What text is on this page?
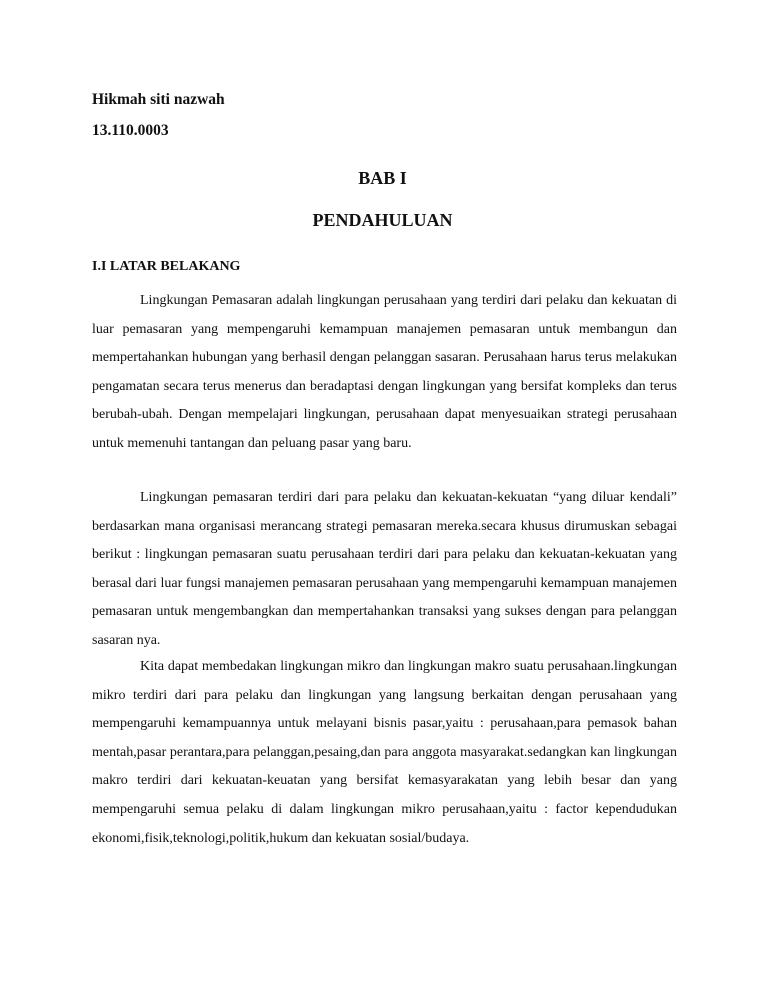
Hikmah siti nazwah
13.110.0003
BAB I
PENDAHULUAN
I.I LATAR BELAKANG

Lingkungan Pemasaran adalah lingkungan perusahaan yang terdiri dari pelaku dan kekuatan di luar pemasaran yang mempengaruhi kemampuan manajemen pemasaran untuk membangun dan mempertahankan hubungan yang berhasil dengan pelanggan sasaran. Perusahaan harus terus melakukan pengamatan secara terus menerus dan beradaptasi dengan lingkungan yang bersifat kompleks dan terus berubah-ubah. Dengan mempelajari lingkungan, perusahaan dapat menyesuaikan strategi perusahaan untuk memenuhi tantangan dan peluang pasar yang baru.

Lingkungan pemasaran terdiri dari para pelaku dan kekuatan-kekuatan “yang diluar kendali” berdasarkan mana organisasi merancang strategi pemasaran mereka.secara khusus dirumuskan sebagai berikut : lingkungan pemasaran suatu perusahaan terdiri dari para pelaku dan kekuatan-kekuatan yang berasal dari luar fungsi manajemen pemasaran perusahaan yang mempengaruhi kemampuan manajemen pemasaran untuk mengembangkan dan mempertahankan transaksi yang sukses dengan para pelanggan sasaran nya.

Kita dapat membedakan lingkungan mikro dan lingkungan makro suatu perusahaan.lingkungan mikro terdiri dari para pelaku dan lingkungan yang langsung berkaitan dengan perusahaan yang mempengaruhi kemampuannya untuk melayani bisnis pasar,yaitu : perusahaan,para pemasok bahan mentah,pasar perantara,para pelanggan,pesaing,dan para anggota masyarakat.sedangkan kan lingkungan makro terdiri dari kekuatan-keuatan yang bersifat kemasyarakatan yang lebih besar dan yang mempengaruhi semua pelaku di dalam lingkungan mikro perusahaan,yaitu : factor kependudukan ekonomi,fisik,teknologi,politik,hukum dan kekuatan sosial/budaya.
